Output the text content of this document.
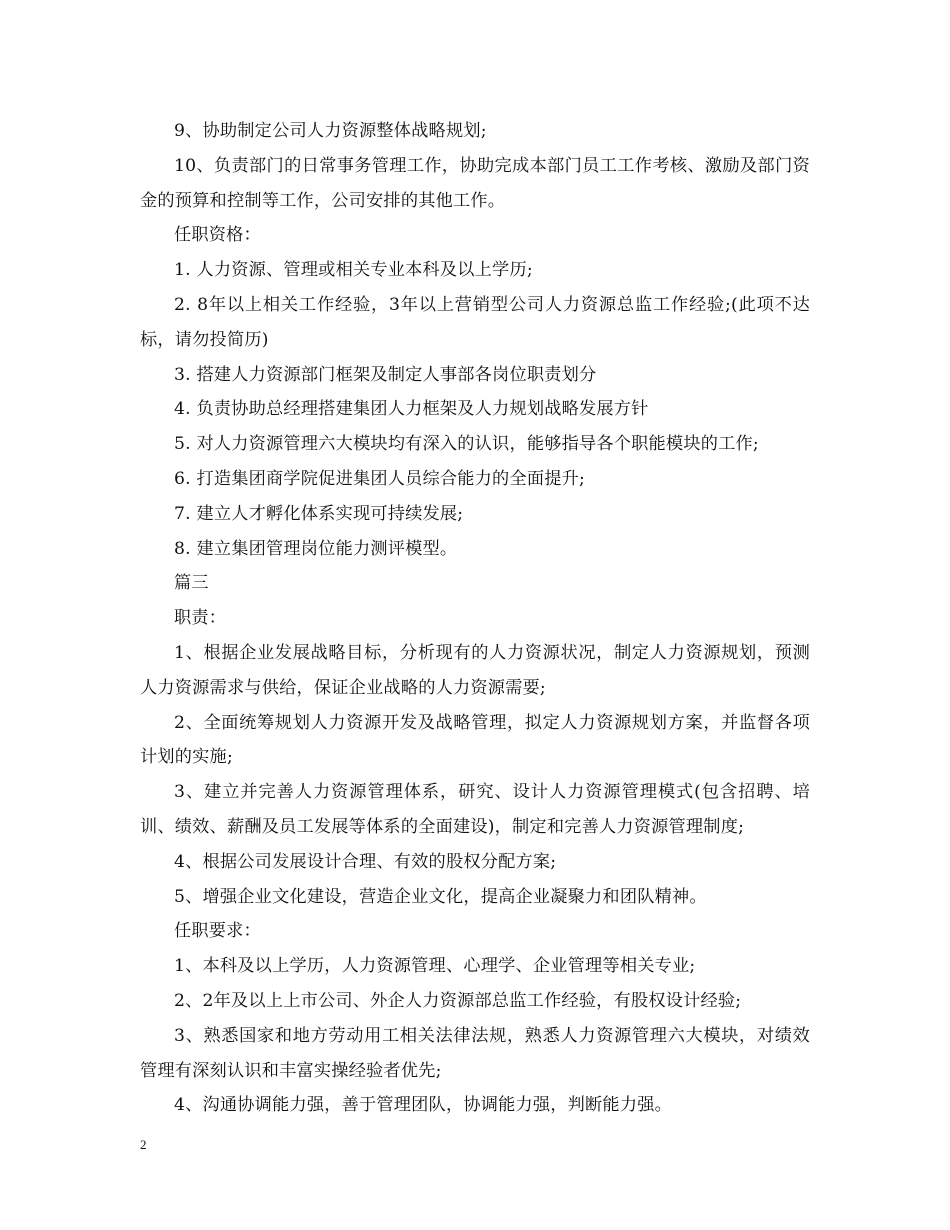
9、协助制定公司人力资源整体战略规划;

10、负责部门的日常事务管理工作，协助完成本部门员工工作考核、激励及部门资金的预算和控制等工作，公司安排的其他工作。

任职资格：

1. 人力资源、管理或相关专业本科及以上学历;

2. 8年以上相关工作经验，3年以上营销型公司人力资源总监工作经验;(此项不达标，请勿投简历)

3. 搭建人力资源部门框架及制定人事部各岗位职责划分

4. 负责协助总经理搭建集团人力框架及人力规划战略发展方针

5. 对人力资源管理六大模块均有深入的认识，能够指导各个职能模块的工作;

6. 打造集团商学院促进集团人员综合能力的全面提升;

7. 建立人才孵化体系实现可持续发展;

8. 建立集团管理岗位能力测评模型。

篇三

职责：

1、根据企业发展战略目标，分析现有的人力资源状况，制定人力资源规划，预测人力资源需求与供给，保证企业战略的人力资源需要;

2、全面统筹规划人力资源开发及战略管理，拟定人力资源规划方案，并监督各项计划的实施;

3、建立并完善人力资源管理体系，研究、设计人力资源管理模式(包含招聘、培训、绩效、薪酬及员工发展等体系的全面建设)，制定和完善人力资源管理制度;

4、根据公司发展设计合理、有效的股权分配方案;

5、增强企业文化建设，营造企业文化，提高企业凝聚力和团队精神。

任职要求：

1、本科及以上学历，人力资源管理、心理学、企业管理等相关专业;

2、2年及以上上市公司、外企人力资源部总监工作经验，有股权设计经验;

3、熟悉国家和地方劳动用工相关法律法规，熟悉人力资源管理六大模块，对绩效管理有深刻认识和丰富实操经验者优先;

4、沟通协调能力强，善于管理团队，协调能力强，判断能力强。

2
